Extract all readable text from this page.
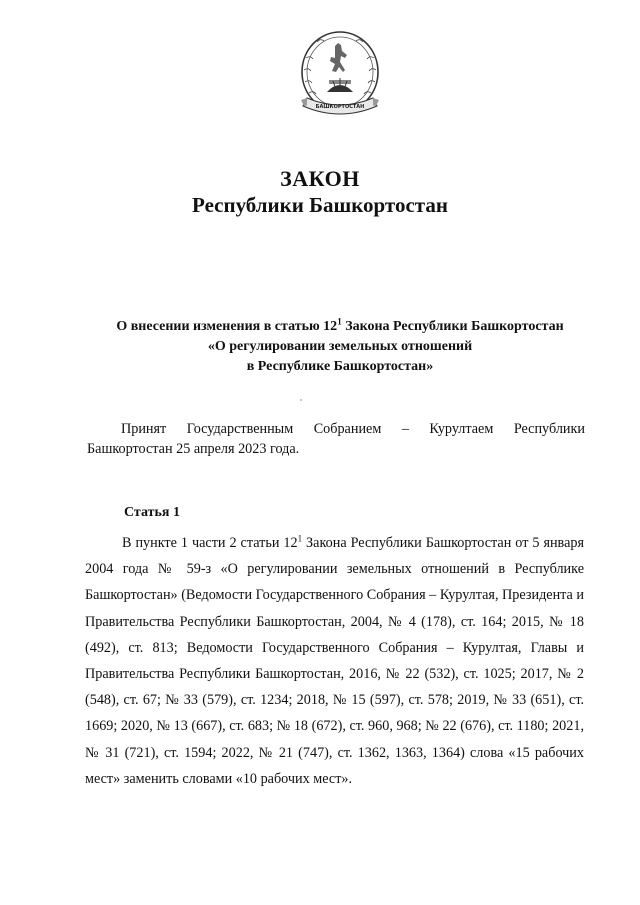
БАШКОРТОСТАН
ЗАКОН
Республики Башкортостан
О внесении изменения в статью $12^1$ Закона Республики Башкортостан
«О регулировании земельных отношений
в Республике Башкортостан»
Принят Государственным Собранием – Курултаем Республики Башкортостан 25 апреля 2023 года.
Статья 1
В пункте 1 части 2 статьи $12^1$ Закона Республики Башкортостан от 5 января 2004 года № 59-з «О регулировании земельных отношений в Республике Башкортостан» (Ведомости Государственного Собрания – Курултая, Президента и Правительства Республики Башкортостан, 2004, № 4 (178), ст. 164; 2015, № 18 (492), ст. 813; Ведомости Государственного Собрания – Курултая, Главы и Правительства Республики Башкортостан, 2016, № 22 (532), ст. 1025; 2017, № 2 (548), ст. 67; № 33 (579), ст. 1234; 2018, № 15 (597), ст. 578; 2019, № 33 (651), ст. 1669; 2020, № 13 (667), ст. 683; № 18 (672), ст. 960, 968; № 22 (676), ст. 1180; 2021, № 31 (721), ст. 1594; 2022, № 21 (747), ст. 1362, 1363, 1364) слова «15 рабочих мест» заменить словами «10 рабочих мест».
